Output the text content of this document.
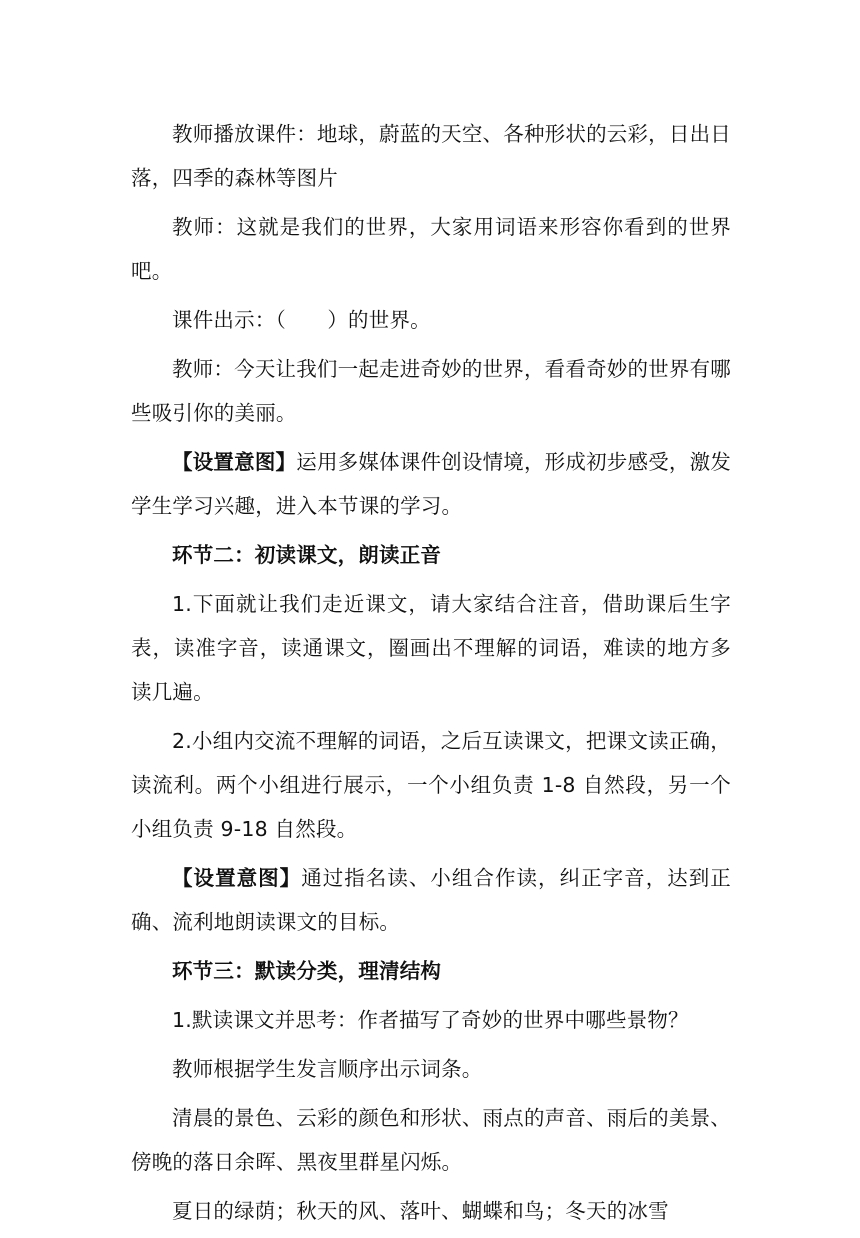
教师播放课件：地球，蔚蓝的天空、各种形状的云彩，日出日落，四季的森林等图片

教师：这就是我们的世界，大家用词语来形容你看到的世界吧。

课件出示：（　　）的世界。

教师：今天让我们一起走进奇妙的世界，看看奇妙的世界有哪些吸引你的美丽。

【设置意图】运用多媒体课件创设情境，形成初步感受，激发学生学习兴趣，进入本节课的学习。

环节二：初读课文，朗读正音

1.下面就让我们走近课文，请大家结合注音，借助课后生字表，读准字音，读通课文，圈画出不理解的词语，难读的地方多读几遍。

2.小组内交流不理解的词语，之后互读课文，把课文读正确，读流利。两个小组进行展示，一个小组负责 1-8 自然段，另一个小组负责 9-18 自然段。

【设置意图】通过指名读、小组合作读，纠正字音，达到正确、流利地朗读课文的目标。

环节三：默读分类，理清结构

1.默读课文并思考：作者描写了奇妙的世界中哪些景物？

教师根据学生发言顺序出示词条。

清晨的景色、云彩的颜色和形状、雨点的声音、雨后的美景、傍晚的落日余晖、黑夜里群星闪烁。

夏日的绿荫；秋天的风、落叶、蝴蝶和鸟；冬天的冰雪
